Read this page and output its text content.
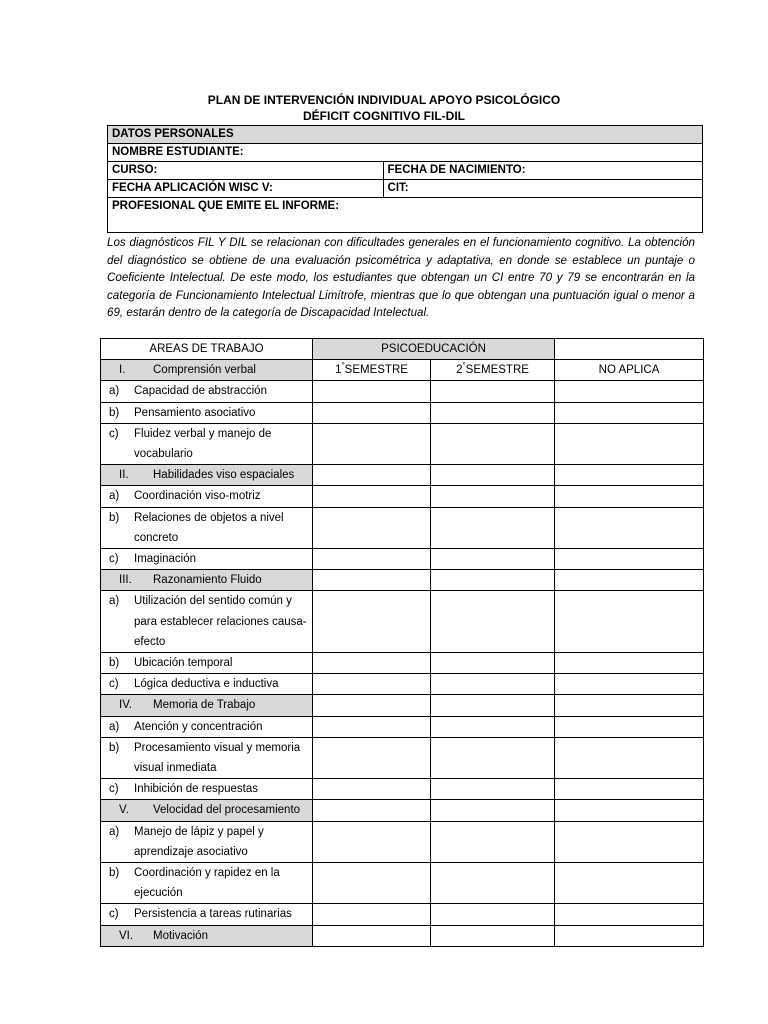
PLAN DE INTERVENCIÓN INDIVIDUAL APOYO PSICOLÓGICO
DÉFICIT COGNITIVO FIL-DIL
DATOS PERSONALES	
NOMBRE ESTUDIANTE:	
CURSO:	FECHA DE NACIMIENTO:
FECHA APLICACIÓN WISC V:	CIT:
PROFESIONAL QUE EMITE EL INFORME:	
Los diagnósticos FIL Y DIL se relacionan con dificultades generales en el funcionamiento cognitivo. La obtención del diagnóstico se obtiene de una evaluación psicométrica y adaptativa, en donde se establece un puntaje o Coeficiente Intelectual. De este modo, los estudiantes que obtengan un CI entre 70 y 79 se encontrarán en la categoría de Funcionamiento Intelectual Limítrofe, mientras que lo que obtengan una puntuación igual o menor a 69, estarán dentro de la categoría de Discapacidad Intelectual.
AREAS DE TRABAJO	PSICOEDUCACIÓN		

I. Comprensión verbal	1°SEMESTRE	2°SEMESTRE	NO APLICA

a) Capacidad de abstracción			

b) Pensamiento asociativo			

c) Fluidez verbal y manejo de vocabulario			

II. Habilidades viso espaciales			

a) Coordinación viso-motriz			

b) Relaciones de objetos a nivel concreto			

c) Imaginación			

III. Razonamiento Fluido			

a) Utilización del sentido común y para establecer relaciones causa-efecto			

b) Ubicación temporal			

c) Lógica deductiva e inductiva			

IV. Memoria de Trabajo			

a) Atención y concentración			

b) Procesamiento visual y memoria visual inmediata			

c) Inhibición de respuestas			

V. Velocidad del procesamiento			

a) Manejo de lápiz y papel y aprendizaje asociativo			

b) Coordinación y rapidez en la ejecución			

c) Persistencia a tareas rutinarias			

VI. Motivación			
